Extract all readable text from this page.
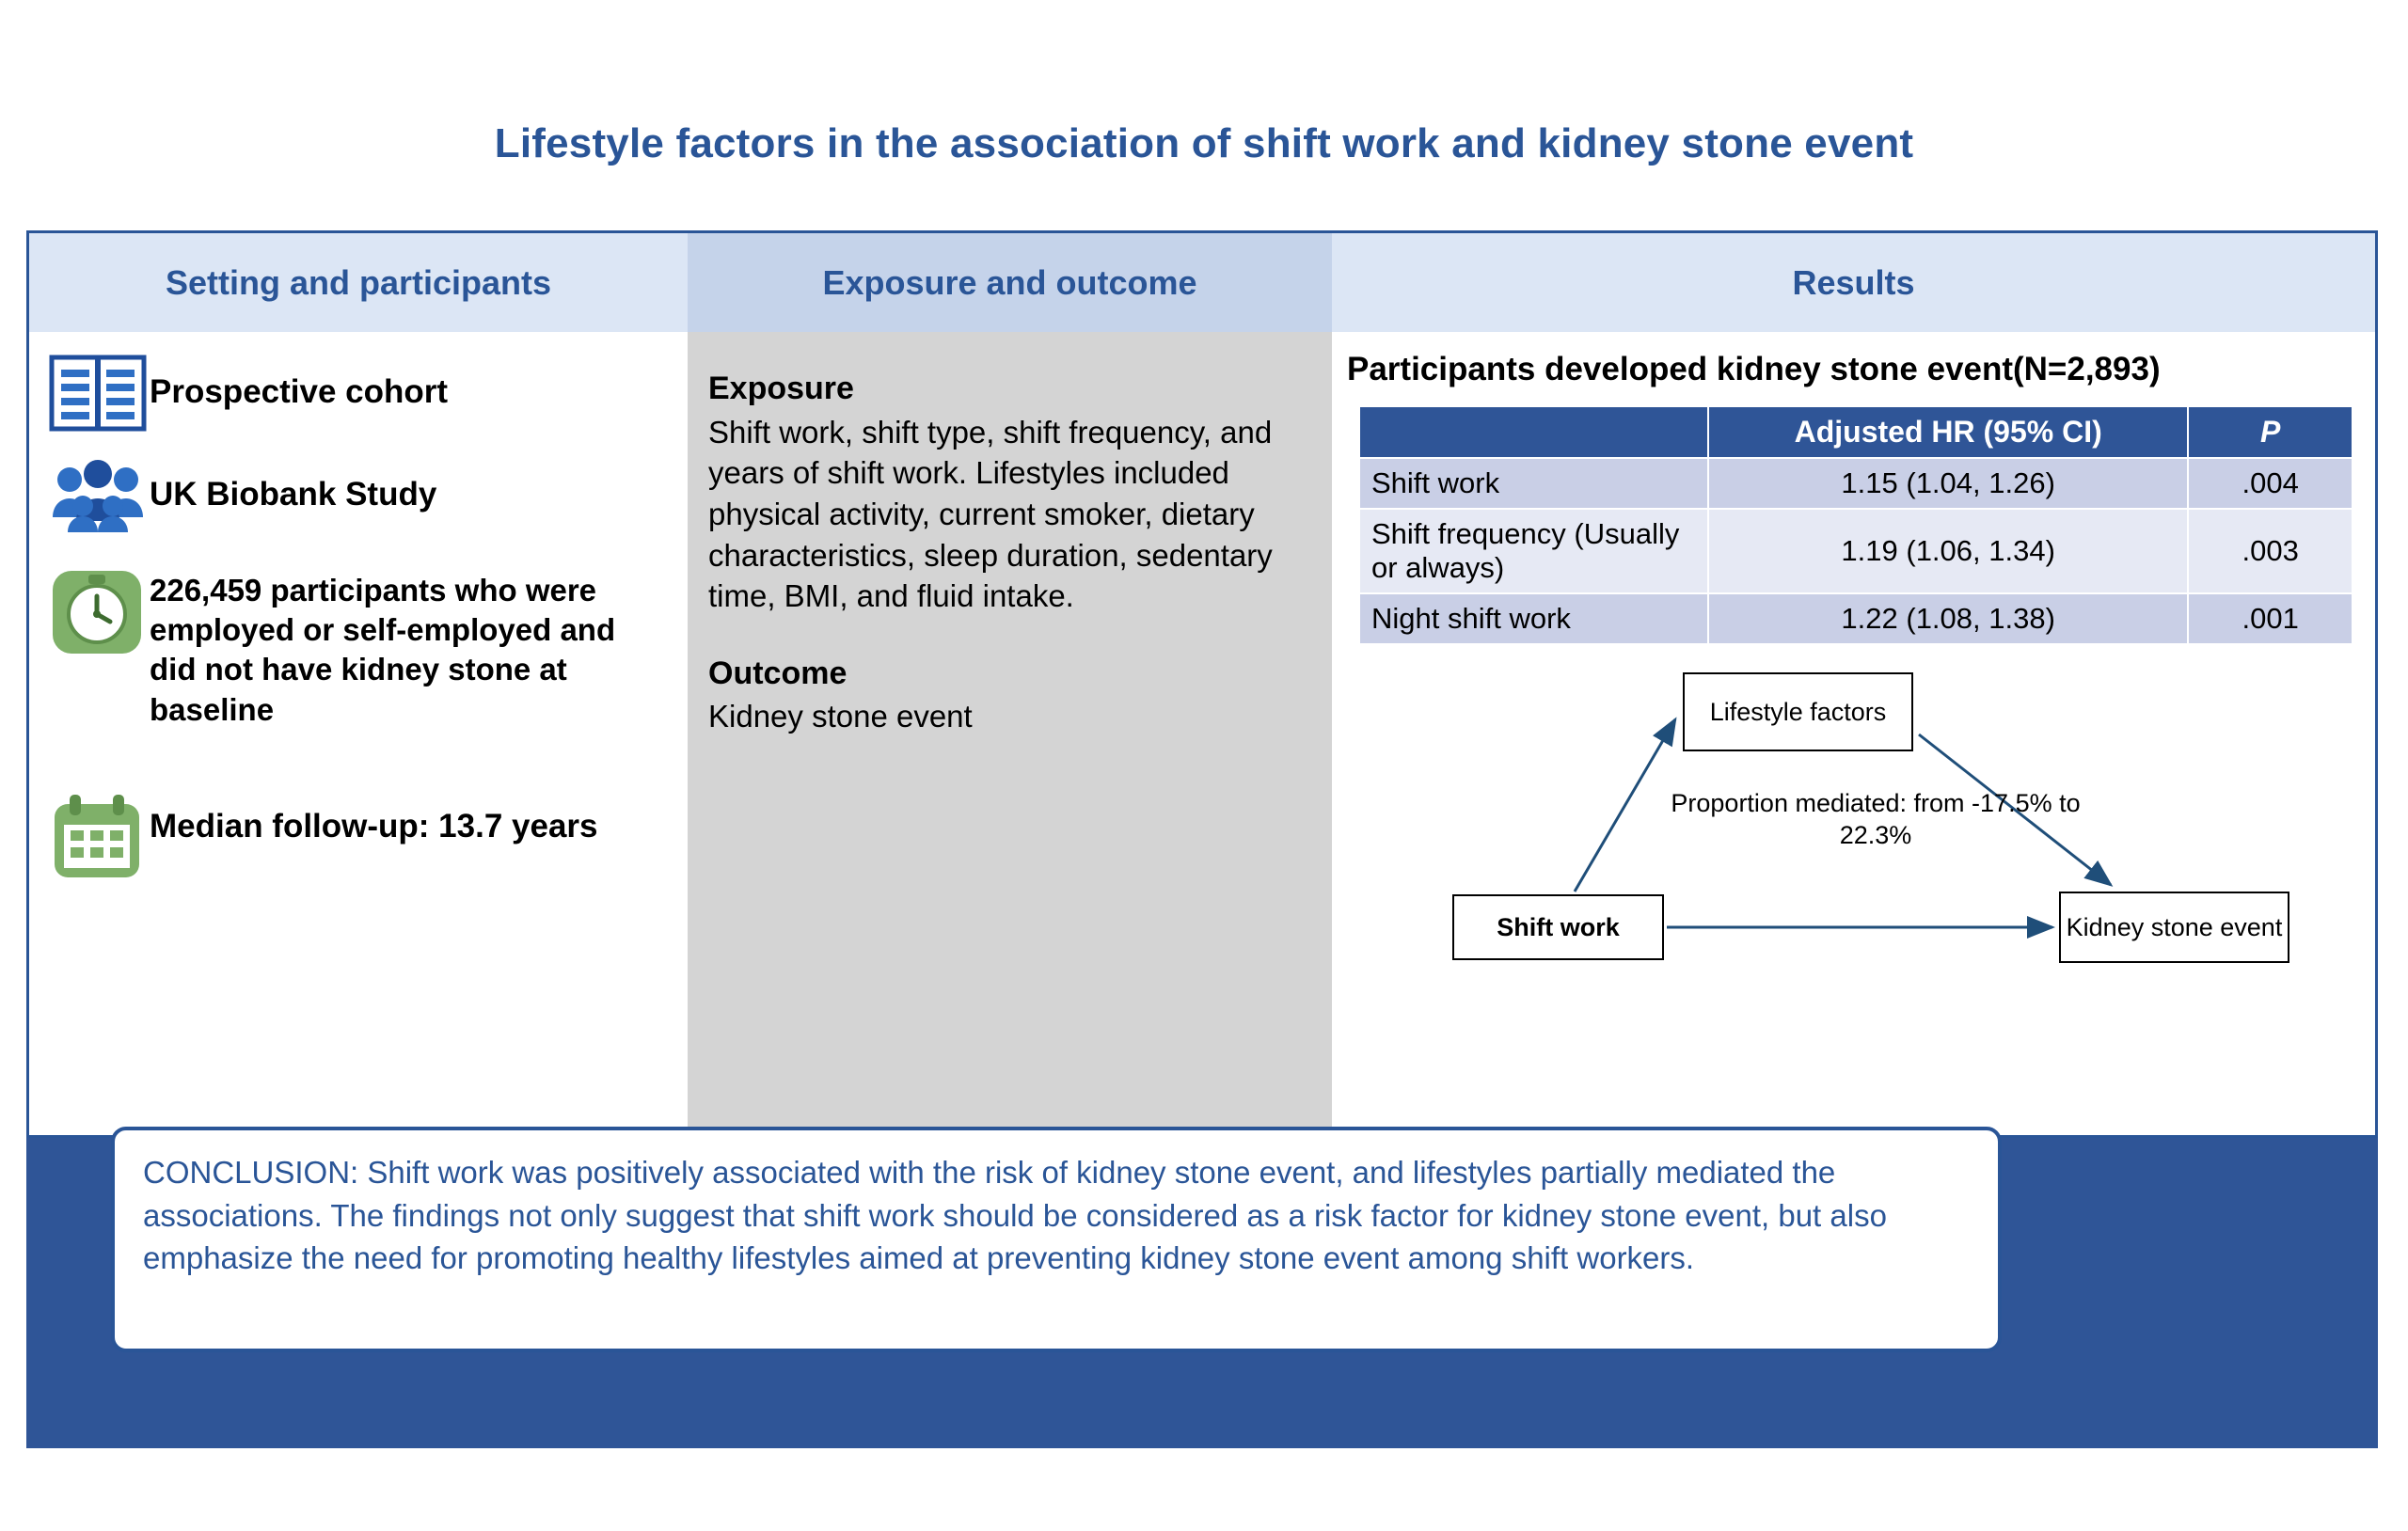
Lifestyle factors in the association of shift work and kidney stone event
Setting and participants	Exposure and outcome	Results
Prospective cohort
UK Biobank Study
226,459 participants who were employed or self-employed and did not have kidney stone at baseline
Median follow-up: 13.7 years
Exposure
Shift work, shift type, shift frequency, and years of shift work. Lifestyles included physical activity, current smoker, dietary characteristics, sleep duration, sedentary time, BMI, and fluid intake.
Outcome
Kidney stone event
Participants developed kidney stone event(N=2,893)
	Adjusted HR (95% CI)	P
Shift work	1.15 (1.04, 1.26)	.004
Shift frequency (Usually or always)	1.19 (1.06, 1.34)	.003
Night shift work	1.22 (1.08, 1.38)	.001
Lifestyle factors
Shift work	Kidney stone event
Proportion mediated: from -17.5% to 22.3%
CONCLUSION: Shift work was positively associated with the risk of kidney stone event, and lifestyles partially mediated the associations. The findings not only suggest that shift work should be considered as a risk factor for kidney stone event, but also emphasize the need for promoting healthy lifestyles aimed at preventing kidney stone event among shift workers.
